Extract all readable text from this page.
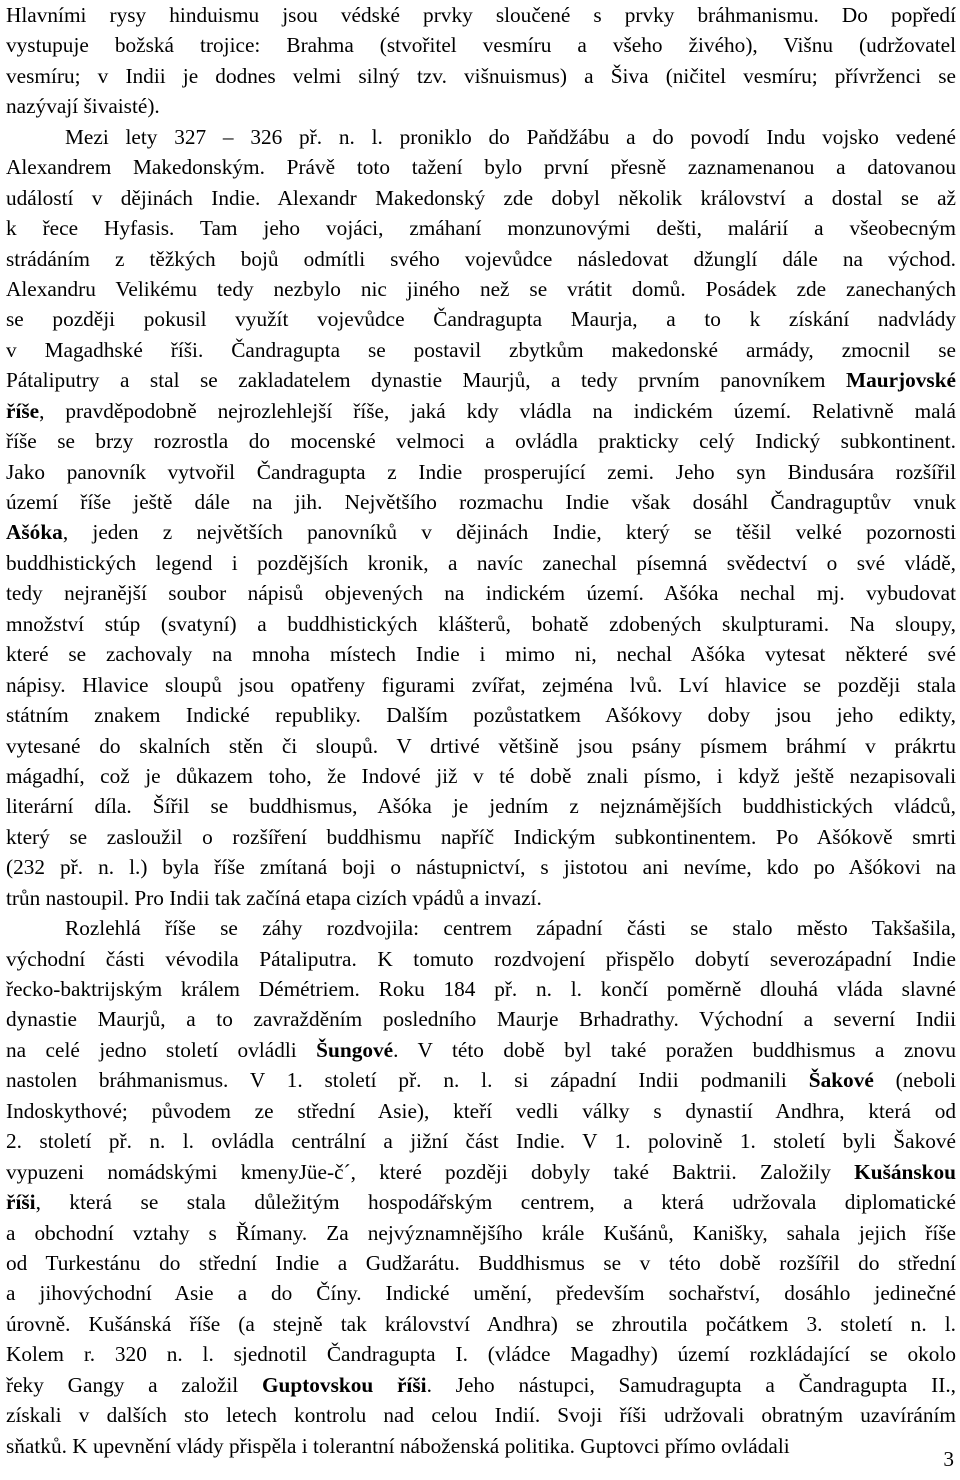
Hlavními rysy hinduismu jsou védské prvky sloučené s prvky bráhmanismu. Do popředí
vystupuje božská trojice: Brahma (stvořitel vesmíru a všeho živého), Višnu (udržovatel
vesmíru; v Indii je dodnes velmi silný tzv. višnuismus) a Šiva (ničitel vesmíru; přívrženci se
nazývají šivaisté).
Mezi lety 327 – 326 př. n. l. proniklo do Paňdžábu a do povodí Indu vojsko vedené
Alexandrem Makedonským. Právě toto tažení bylo první přesně zaznamenanou a datovanou
událostí v dějinách Indie. Alexandr Makedonský zde dobyl několik království a dostal se až
k řece Hyfasis. Tam jeho vojáci, zmáhaní monzunovými dešti, malárií a všeobecným
strádáním z těžkých bojů odmítli svého vojevůdce následovat džunglí dále na východ.
Alexandru Velikému tedy nezbylo nic jiného než se vrátit domů. Posádek zde zanechaných
se později pokusil využít vojevůdce Čandragupta Maurja, a to k získání nadvlády
v Magadhské říši. Čandragupta se postavil zbytkům makedonské armády, zmocnil se
Pátaliputry a stal se zakladatelem dynastie Maurjů, a tedy prvním panovníkem Maurjovské
říše, pravděpodobně nejrozlehlejší říše, jaká kdy vládla na indickém území. Relativně malá
říše se brzy rozrostla do mocenské velmoci a ovládla prakticky celý Indický subkontinent.
Jako panovník vytvořil Čandragupta z Indie prosperující zemi. Jeho syn Bindusára rozšířil
území říše ještě dále na jih. Největšího rozmachu Indie však dosáhl Čandraguptův vnuk
Ašóka, jeden z největších panovníků v dějinách Indie, který se těšil velké pozornosti
buddhistických legend i pozdějších kronik, a navíc zanechal písemná svědectví o své vládě,
tedy nejranější soubor nápisů objevených na indickém území. Ašóka nechal mj. vybudovat
množství stúp (svatyní) a buddhistických klášterů, bohatě zdobených skulpturami. Na sloupy,
které se zachovaly na mnoha místech Indie i mimo ni, nechal Ašóka vytesat některé své
nápisy. Hlavice sloupů jsou opatřeny figurami zvířat, zejména lvů. Lví hlavice se později stala
státním znakem Indické republiky. Dalším pozůstatkem Ašókovy doby jsou jeho edikty,
vytesané do skalních stěn či sloupů. V drtivé většině jsou psány písmem bráhmí v prákrtu
mágadhí, což je důkazem toho, že Indové již v té době znali písmo, i když ještě nezapisovali
literární díla. Šířil se buddhismus, Ašóka je jedním z nejznámějších buddhistických vládců,
který se zasloužil o rozšíření buddhismu napříč Indickým subkontinentem. Po Ašókově smrti
(232 př. n. l.) byla říše zmítaná boji o nástupnictví, s jistotou ani nevíme, kdo po Ašókovi na
trůn nastoupil. Pro Indii tak začíná etapa cizích vpádů a invazí.
Rozlehlá říše se záhy rozdvojila: centrem západní části se stalo město Takšašila,
východní části vévodila Pátaliputra. K tomuto rozdvojení přispělo dobytí severozápadní Indie
řecko-baktrijským králem Démétriem. Roku 184 př. n. l. končí poměrně dlouhá vláda slavné
dynastie Maurjů, a to zavražděním posledního Maurje Brhadrathy. Východní a severní Indii
na celé jedno století ovládli Šungové. V této době byl také poražen buddhismus a znovu
nastolen bráhmanismus. V 1. století př. n. l. si západní Indii podmanili Šakové (neboli
Indoskythové; původem ze střední Asie), kteří vedli války s dynastií Andhra, která od
2. století př. n. l. ovládla centrální a jižní část Indie. V 1. polovině 1. století byli Šakové
vypuzeni nomádskými kmenyJüe-č´, které později dobyly také Baktrii. Založily Kušánskou
říši, která se stala důležitým hospodářským centrem, a která udržovala diplomatické
a obchodní vztahy s Římany. Za nejvýznamnějšího krále Kušánů, Kanišky, sahala jejich říše
od Turkestánu do střední Indie a Gudžarátu. Buddhismus se v této době rozšířil do střední
a jihovýchodní Asie a do Číny. Indické umění, především sochařství, dosáhlo jedinečné
úrovně. Kušánská říše (a stejně tak království Andhra) se zhroutila počátkem 3. století n. l.
Kolem r. 320 n. l. sjednotil Čandragupta I. (vládce Magadhy) území rozkládající se okolo
řeky Gangy a založil Guptovskou říši. Jeho nástupci, Samudragupta a Čandragupta II.,
získali v dalších sto letech kontrolu nad celou Indií. Svoji říši udržovali obratným uzavíráním
sňatků. K upevnění vlády přispěla i tolerantní náboženská politika. Guptovci přímo ovládali
3
